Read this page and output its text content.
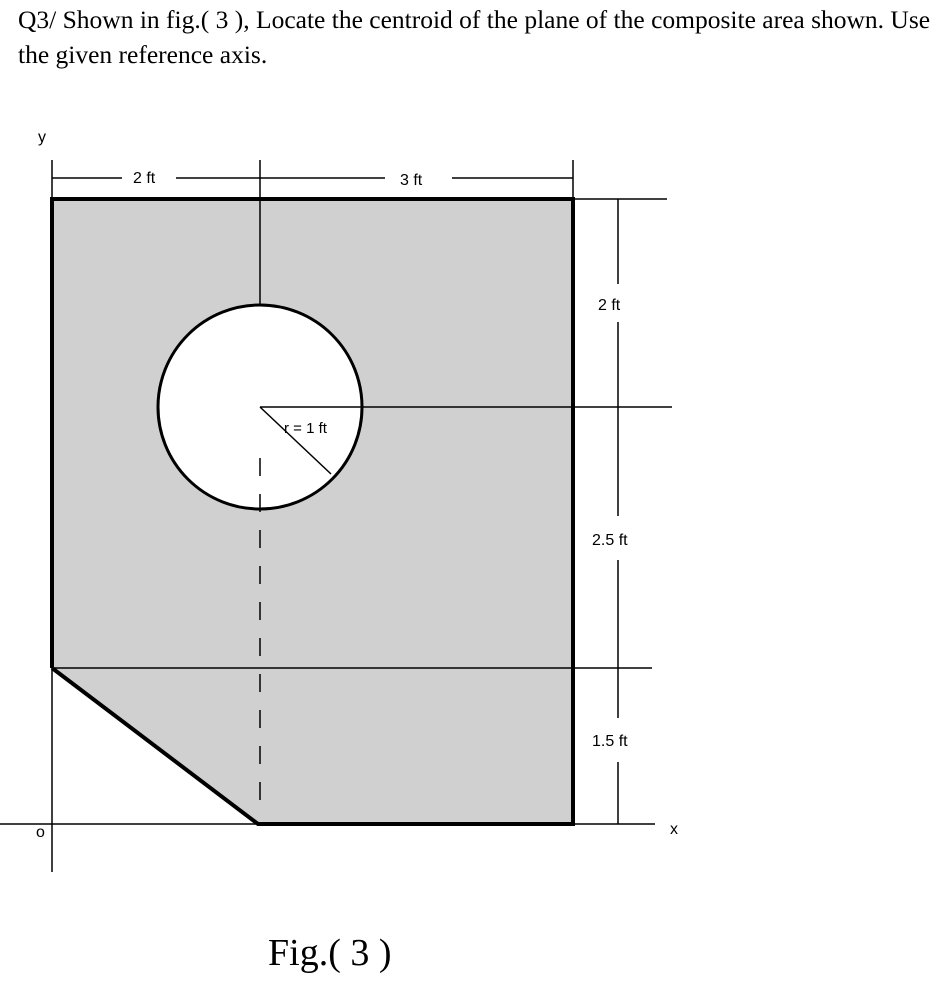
Q3/ Shown in fig.( 3 ), Locate the centroid of the plane of the composite area shown. Use the given reference axis.
y
x
o
2 ft	3 ft
2 ft
2.5 ft
1.5 ft
r = 1 ft
Fig.( 3 )
